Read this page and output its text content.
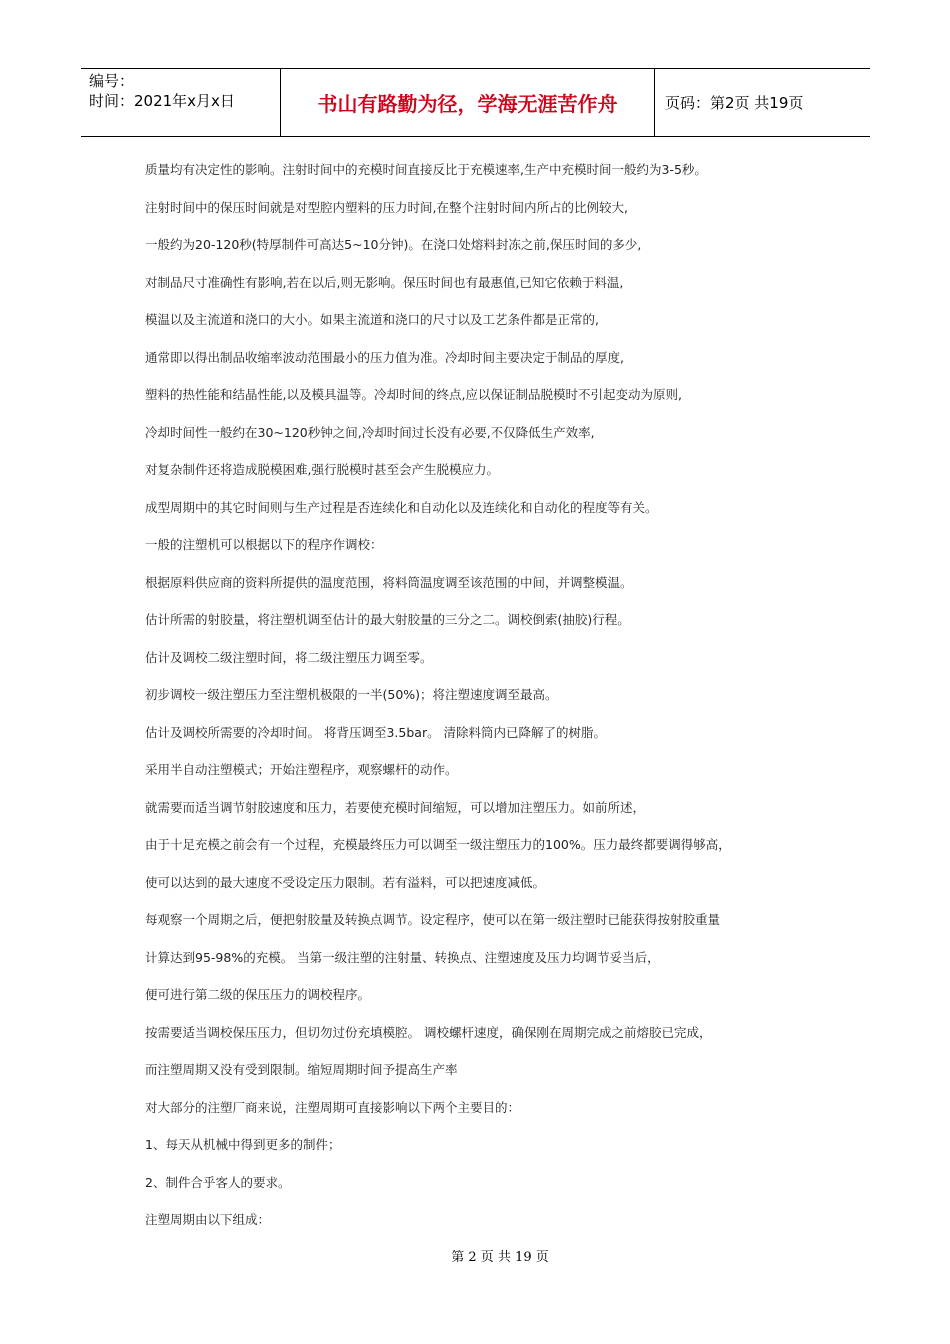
编号：
时间：2021年x月x日	书山有路勤为径，学海无涯苦作舟	页码：第2页 共19页
质量均有决定性的影响。注射时间中的充模时间直接反比于充模速率,生产中充模时间一般约为3-5秒。
注射时间中的保压时间就是对型腔内塑料的压力时间,在整个注射时间内所占的比例较大,
一般约为20-120秒(特厚制件可高达5~10分钟)。在浇口处熔料封冻之前,保压时间的多少,
对制品尺寸准确性有影响,若在以后,则无影响。保压时间也有最惠值,已知它依赖于料温,
模温以及主流道和浇口的大小。如果主流道和浇口的尺寸以及工艺条件都是正常的,
通常即以得出制品收缩率波动范围最小的压力值为准。冷却时间主要决定于制品的厚度,
塑料的热性能和结晶性能,以及模具温等。冷却时间的终点,应以保证制品脱模时不引起变动为原则,
冷却时间性一般约在30~120秒钟之间,冷却时间过长没有必要,不仅降低生产效率,
对复杂制件还将造成脱模困难,强行脱模时甚至会产生脱模应力。
成型周期中的其它时间则与生产过程是否连续化和自动化以及连续化和自动化的程度等有关。
一般的注塑机可以根据以下的程序作调校：
根据原料供应商的资料所提供的温度范围，将料筒温度调至该范围的中间，并调整模温。
估计所需的射胶量，将注塑机调至估计的最大射胶量的三分之二。调校倒索(抽胶)行程。
估计及调校二级注塑时间，将二级注塑压力调至零。
初步调校一级注塑压力至注塑机极限的一半(50%)；将注塑速度调至最高。
估计及调校所需要的冷却时间。 将背压调至3.5bar。 清除料筒内已降解了的树脂。
采用半自动注塑模式；开始注塑程序，观察螺杆的动作。
就需要而适当调节射胶速度和压力，若要使充模时间缩短，可以增加注塑压力。如前所述，
由于十足充模之前会有一个过程，充模最终压力可以调至一级注塑压力的100%。压力最终都要调得够高，
使可以达到的最大速度不受设定压力限制。若有溢料，可以把速度减低。
每观察一个周期之后，便把射胶量及转换点调节。设定程序，使可以在第一级注塑时已能获得按射胶重量
计算达到95-98%的充模。 当第一级注塑的注射量、转换点、注塑速度及压力均调节妥当后，
便可进行第二级的保压压力的调校程序。
按需要适当调校保压压力，但切勿过份充填模腔。 调校螺杆速度，确保刚在周期完成之前熔胶已完成，
而注塑周期又没有受到限制。缩短周期时间予提高生产率
对大部分的注塑厂商来说，注塑周期可直接影响以下两个主要目的：
1、每天从机械中得到更多的制件；
2、制件合乎客人的要求。
注塑周期由以下组成：
第 2 页 共 19 页
